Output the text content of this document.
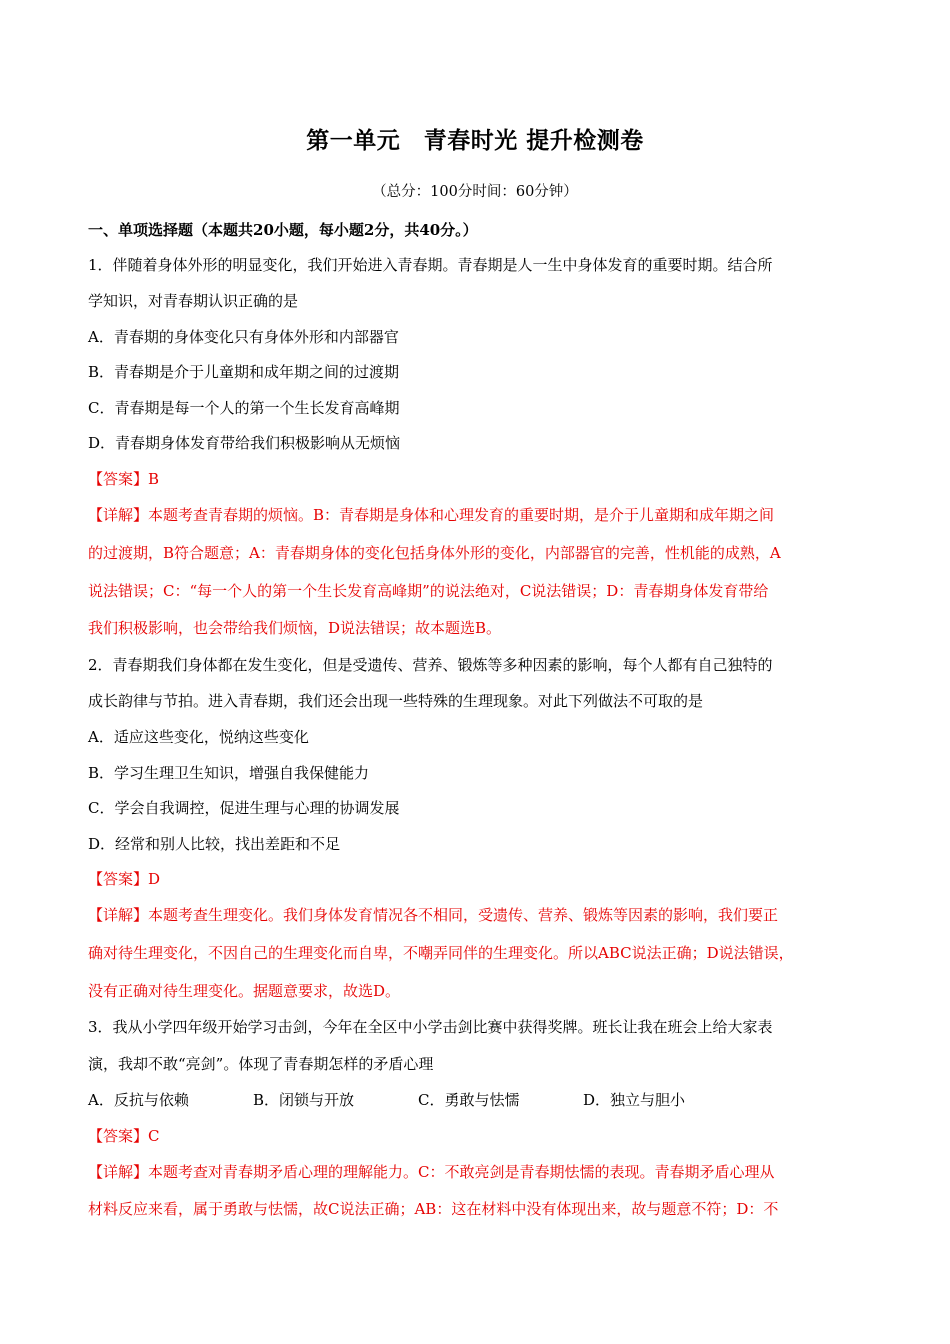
第一单元　青春时光 提升检测卷
（总分：100分时间：60分钟）
一、单项选择题（本题共20小题，每小题2分，共40分。）
1．伴随着身体外形的明显变化，我们开始进入青春期。青春期是人一生中身体发育的重要时期。结合所
学知识，对青春期认识正确的是
A．青春期的身体变化只有身体外形和内部器官
B．青春期是介于儿童期和成年期之间的过渡期
C．青春期是每一个人的第一个生长发育高峰期
D．青春期身体发育带给我们积极影响从无烦恼
【答案】B
【详解】本题考查青春期的烦恼。B：青春期是身体和心理发育的重要时期，是介于儿童期和成年期之间
的过渡期，B符合题意；A：青春期身体的变化包括身体外形的变化，内部器官的完善，性机能的成熟，A
说法错误；C：“每一个人的第一个生长发育高峰期”的说法绝对，C说法错误；D：青春期身体发育带给
我们积极影响，也会带给我们烦恼，D说法错误；故本题选B。
2．青春期我们身体都在发生变化，但是受遗传、营养、锻炼等多种因素的影响，每个人都有自己独特的
成长韵律与节拍。进入青春期，我们还会出现一些特殊的生理现象。对此下列做法不可取的是
A．适应这些变化，悦纳这些变化
B．学习生理卫生知识，增强自我保健能力
C．学会自我调控，促进生理与心理的协调发展
D．经常和别人比较，找出差距和不足
【答案】D
【详解】本题考查生理变化。我们身体发育情况各不相同，受遗传、营养、锻炼等因素的影响，我们要正
确对待生理变化，不因自己的生理变化而自卑，不嘲弄同伴的生理变化。所以ABC说法正确；D说法错误，
没有正确对待生理变化。据题意要求，故选D。
3．我从小学四年级开始学习击剑，今年在全区中小学击剑比赛中获得奖牌。班长让我在班会上给大家表
演，我却不敢“亮剑”。体现了青春期怎样的矛盾心理
A．反抗与依赖	B．闭锁与开放	C．勇敢与怯懦	D．独立与胆小
【答案】C
【详解】本题考查对青春期矛盾心理的理解能力。C：不敢亮剑是青春期怯懦的表现。青春期矛盾心理从
材料反应来看，属于勇敢与怯懦，故C说法正确；AB：这在材料中没有体现出来，故与题意不符；D：不
